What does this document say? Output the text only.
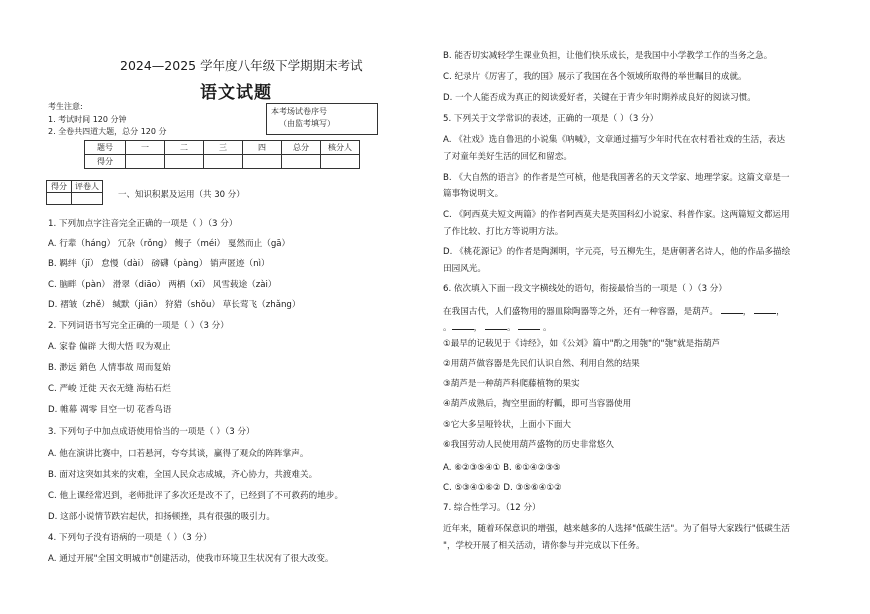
2024—2025 学年度八年级下学期期末考试
语文试题
考生注意:
1. 考试时间 120 分钟
2. 全卷共四道大题，总分 120 分
本考场试卷序号
（由监考填写）
题号	一	二	三	四	总分	核分人
得分						
得分	评卷人

一、知识积累及运用（共 30 分）
1. 下列加点字注音完全正确的一项是（ ）（3 分）
A. 行辈（háng） 冗杂（rǒng） 鳆子（méi） 戛然而止（gā）
B. 羁绊（jī） 怠慢（dài） 磅礴（pàng） 销声匿迹（nì）
C. 脑畔（pàn） 滑翠（diāo） 两栖（xī） 风雪载途（zài）
D. 褶皱（zhě） 缄默（jiān） 狩猎（shǒu） 草长莺飞（zhǎng）
2. 下列词语书写完全正确的一项是（ ）（3 分）
A. 家眷 偏辟 大彻大悟 叹为观止
B. 渺远 銷色 人情事故 周而复始
C. 严峻 迁徙 天衣无缝 海枯石烂
D. 帷幕 凋零 目空一切 花香鸟语
3. 下列句子中加点成语使用恰当的一项是（ ）（3 分）
A. 他在演讲比赛中，口若悬河，夸夸其谈，赢得了观众的阵阵掌声。
B. 面对这突如其来的灾难，全国人民众志成城，齐心协力，共渡难关。
C. 他上课经常迟到，老师批评了多次还是改不了，已经到了不可救药的地步。
D. 这部小说情节跌宕起伏，扣扬顿挫，具有很强的吸引力。
4. 下列句子没有语病的一项是（ ）（3 分）
A. 通过开展"全国文明城市"创建活动，使我市环境卫生状况有了很大改变。
B. 能否切实减轻学生课业负担，让他们快乐成长，是我国中小学教学工作的当务之急。
C. 纪录片《厉害了，我的国》展示了我国在各个领域所取得的举世瞩目的成就。
D. 一个人能否成为真正的阅读爱好者，关键在于青少年时期养成良好的阅读习惯。
5. 下列关于文学常识的表述，正确的一项是（ ）（3 分）
A. 《社戏》选自鲁迅的小说集《呐喊》，文章通过描写少年时代在农村看社戏的生活，表达
了对童年美好生活的回忆和留恋。
B. 《大自然的语言》的作者是竺可桢，他是我国著名的天文学家、地理学家。这篇文章是一
篇事物说明文。
C. 《阿西莫夫短文两篇》的作者阿西莫夫是英国科幻小说家、科普作家。这两篇短文都运用
了作比较、打比方等说明方法。
D. 《桃花源记》的作者是陶渊明，字元亮，号五柳先生，是唐朝著名诗人，他的作品多描绘
田园风光。
6. 依次填入下面一段文字横线处的语句，衔接最恰当的一项是（ ）（3 分）
在我国古代，人们盛物用的器皿除陶器等之外，还有一种容器，是葫芦。	，	，
。	，	。	。
①最早的记载见于《诗经》，如《公刘》篇中"酌之用匏"的"匏"就是指葫芦
②用葫芦做容器是先民们认识自然、利用自然的结果
③葫芦是一种葫芦科爬藤植物的果实
④葫芦成熟后，掏空里面的籽瓤，即可当容器使用
⑤它大多呈哑铃状，上面小下面大
⑥我国劳动人民使用葫芦盛物的历史非常悠久
A. ⑥②③⑤④① B. ⑥①④②③⑤
C. ⑤③④①⑥② D. ③⑤⑥④①②
7. 综合性学习。（12 分）
近年来，随着环保意识的增强，越来越多的人选择"低碳生活"。为了倡导大家践行"低碳生活
"，学校开展了相关活动，请你参与并完成以下任务。
